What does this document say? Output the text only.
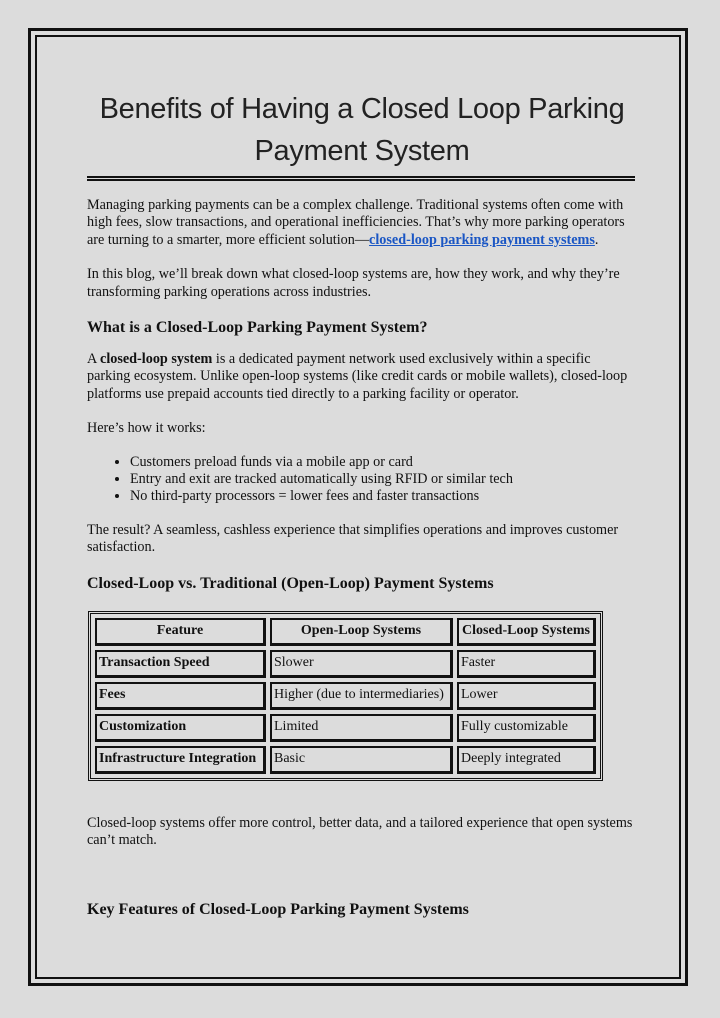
Benefits of Having a Closed Loop Parking Payment System

Managing parking payments can be a complex challenge. Traditional systems often come with high fees, slow transactions, and operational inefficiencies. That’s why more parking operators are turning to a smarter, more efficient solution—closed-loop parking payment systems.

In this blog, we’ll break down what closed-loop systems are, how they work, and why they’re transforming parking operations across industries.

What is a Closed-Loop Parking Payment System?

A closed-loop system is a dedicated payment network used exclusively within a specific parking ecosystem. Unlike open-loop systems (like credit cards or mobile wallets), closed-loop platforms use prepaid accounts tied directly to a parking facility or operator.

Here’s how it works:

• Customers preload funds via a mobile app or card
• Entry and exit are tracked automatically using RFID or similar tech
• No third-party processors = lower fees and faster transactions

The result? A seamless, cashless experience that simplifies operations and improves customer satisfaction.

Closed-Loop vs. Traditional (Open-Loop) Payment Systems
Feature	Open-Loop Systems	Closed-Loop Systems
Transaction Speed	Slower	Faster
Fees	Higher (due to intermediaries)	Lower
Customization	Limited	Fully customizable
Infrastructure Integration	Basic	Deeply integrated

Closed-loop systems offer more control, better data, and a tailored experience that open systems can’t match.

Key Features of Closed-Loop Parking Payment Systems
